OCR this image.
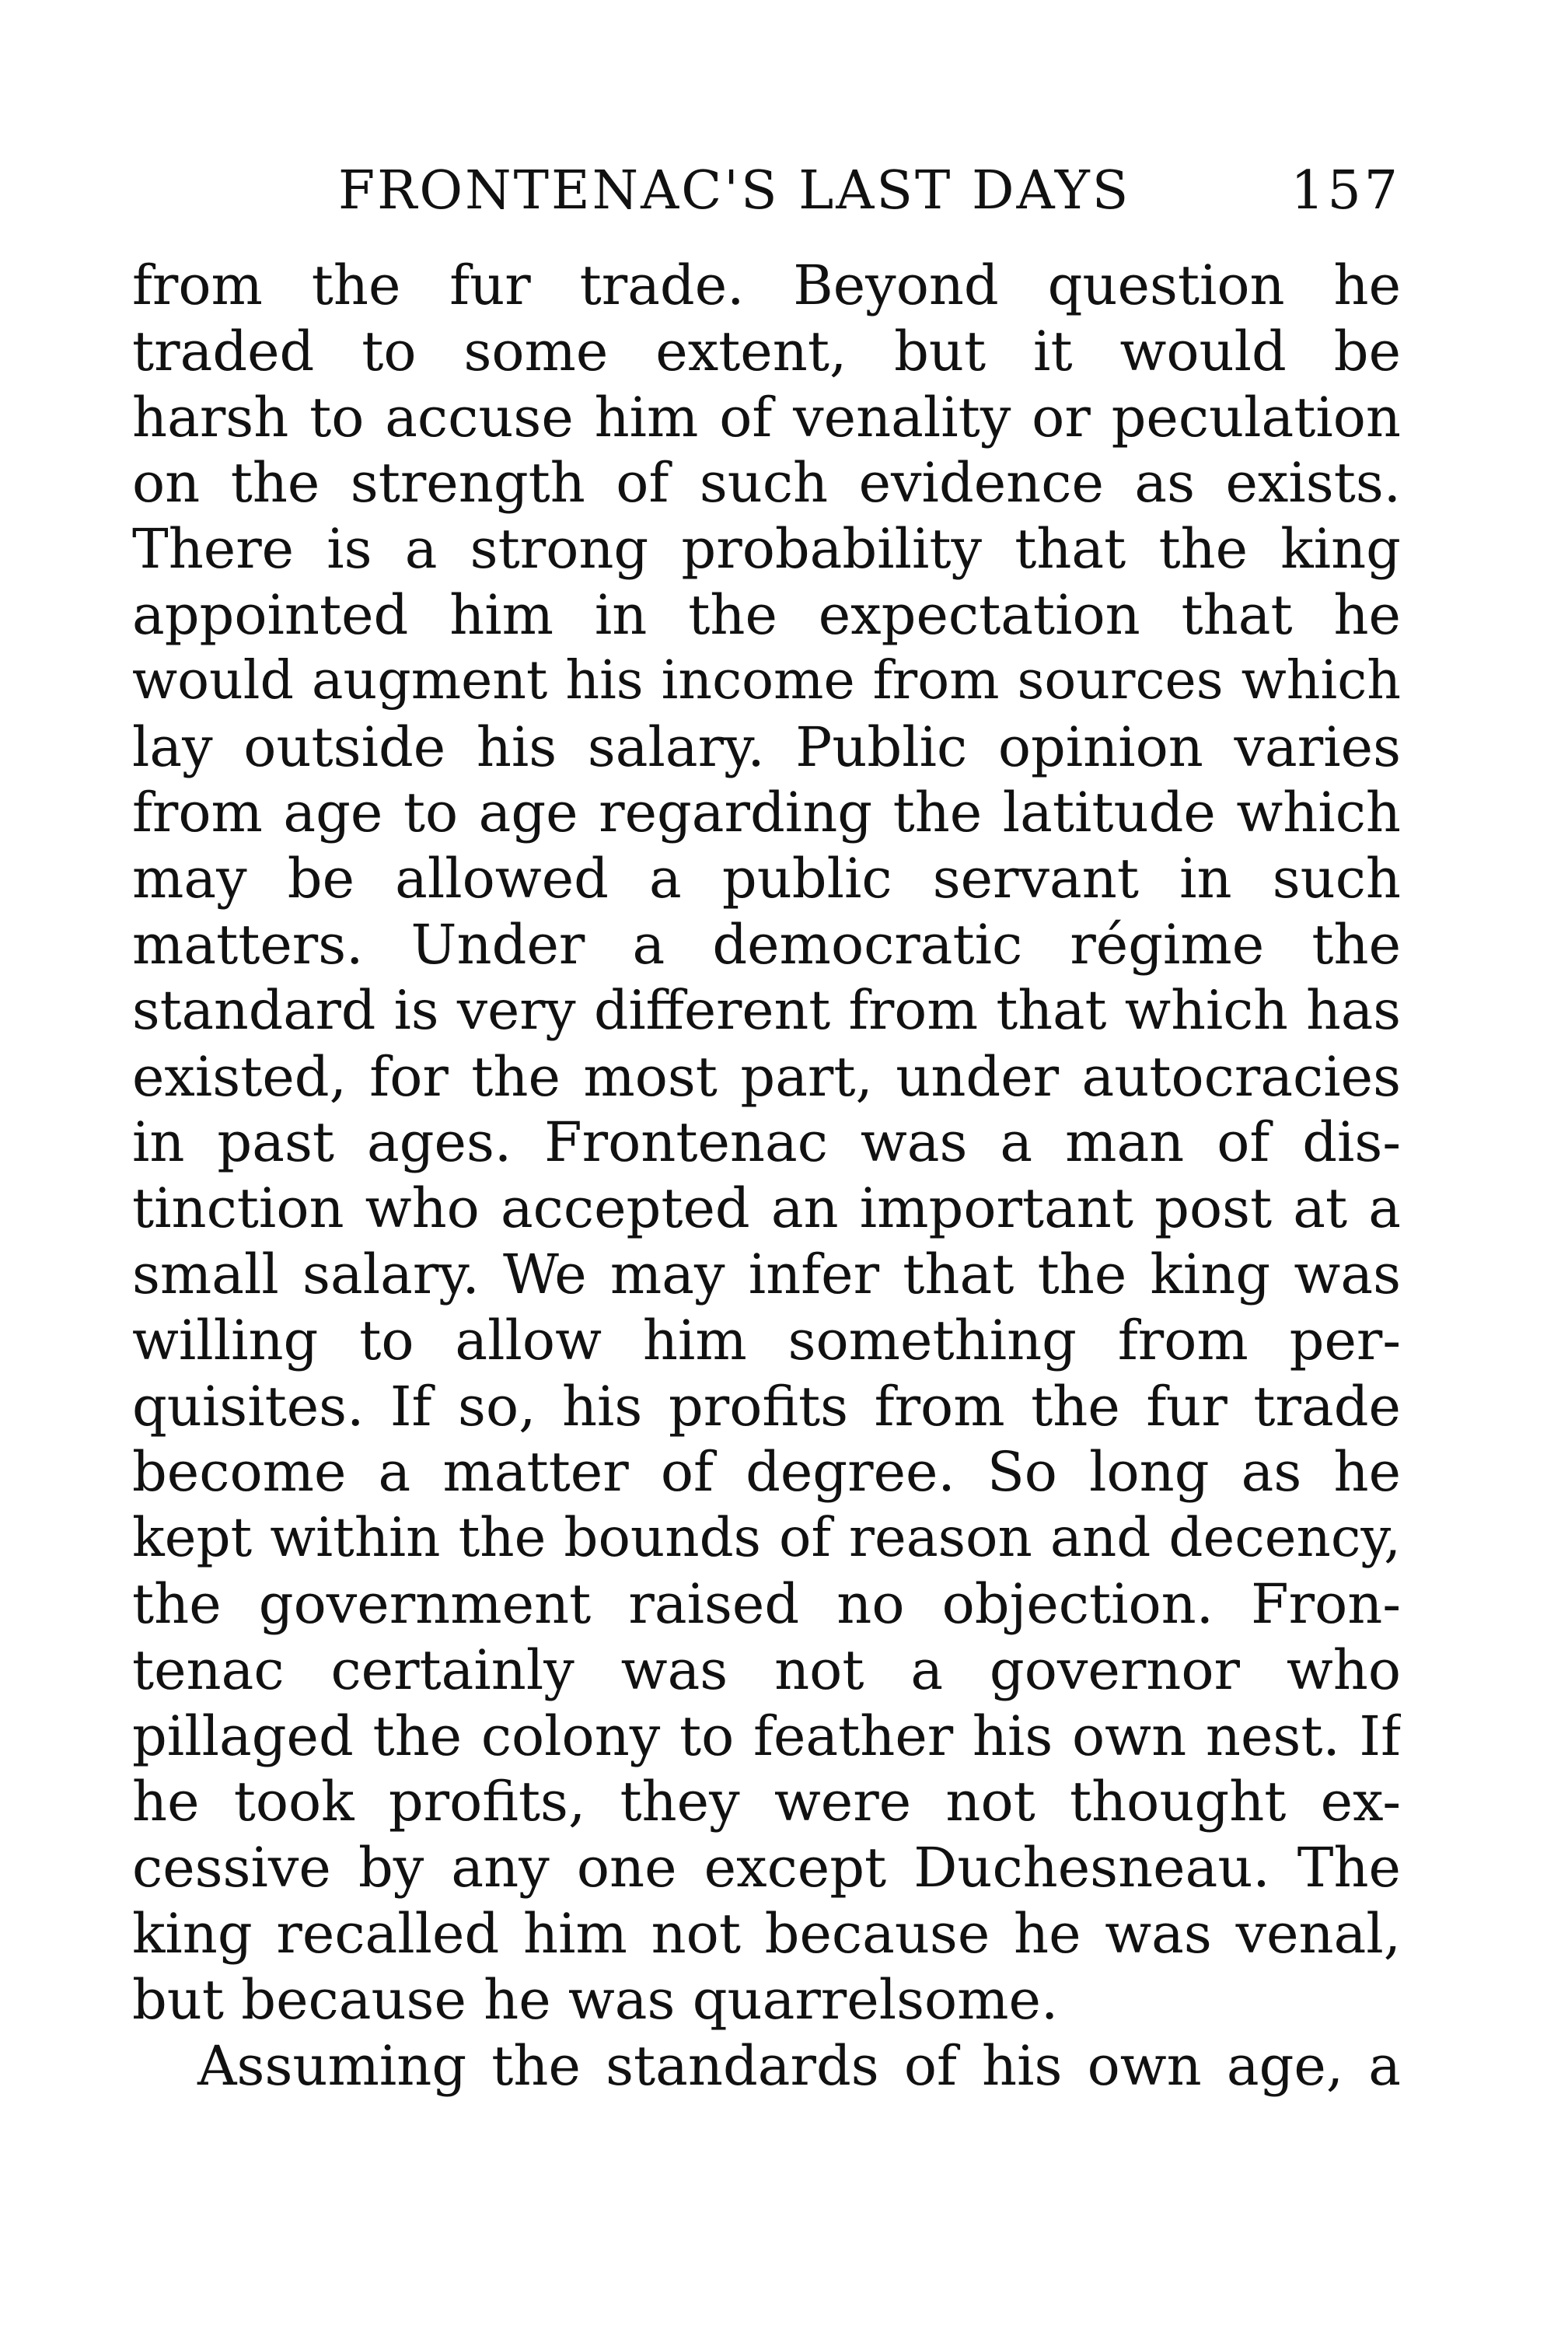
FRONTENAC'S LAST DAYS	157
from the fur trade. Beyond question he
traded to some extent, but it would be
harsh to accuse him of venality or peculation
on the strength of such evidence as exists.
There is a strong probability that the king
appointed him in the expectation that he
would augment his income from sources which
lay outside his salary. Public opinion varies
from age to age regarding the latitude which
may be allowed a public servant in such
matters. Under a democratic régime the
standard is very different from that which has
existed, for the most part, under autocracies
in past ages. Frontenac was a man of dis-
tinction who accepted an important post at a
small salary. We may infer that the king was
willing to allow him something from per-
quisites. If so, his profits from the fur trade
become a matter of degree. So long as he
kept within the bounds of reason and decency,
the government raised no objection. Fron-
tenac certainly was not a governor who
pillaged the colony to feather his own nest. If
he took profits, they were not thought ex-
cessive by any one except Duchesneau. The
king recalled him not because he was venal,
but because he was quarrelsome.
Assuming the standards of his own age, a
